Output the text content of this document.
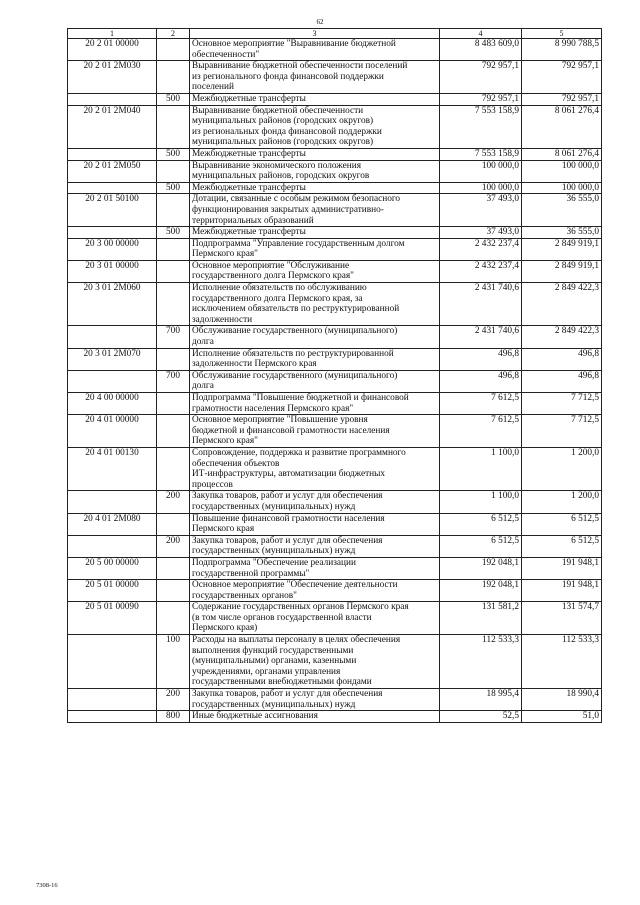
62
1	2	3	4	5
20 2 01 00000		Основное мероприятие "Выравнивание бюджетной
обеспеченности"	8 483 609,0	8 990 788,5
20 2 01 2М030		Выравнивание бюджетной обеспеченности поселений
из регионального фонда финансовой поддержки
поселений	792 957,1	792 957,1
	500	Межбюджетные трансферты	792 957,1	792 957,1
20 2 01 2М040		Выравнивание бюджетной обеспеченности
муниципальных районов (городских округов)
из региональных фонда финансовой поддержки
муниципальных районов (городских округов)	7 553 158,9	8 061 276,4
	500	Межбюджетные трансферты	7 553 158,9	8 061 276,4
20 2 01 2М050		Выравнивание экономического положения
муниципальных районов, городских округов	100 000,0	100 000,0
	500	Межбюджетные трансферты	100 000,0	100 000,0
20 2 01 50100		Дотации, связанные с особым режимом безопасного
функционирования закрытых административно-
территориальных образований	37 493,0	36 555,0
	500	Межбюджетные трансферты	37 493,0	36 555,0
20 3 00 00000		Подпрограмма "Управление государственным долгом
Пермского края"	2 432 237,4	2 849 919,1
20 3 01 00000		Основное мероприятие "Обслуживание
государственного долга Пермского края"	2 432 237,4	2 849 919,1
20 3 01 2М060		Исполнение обязательств по обслуживанию
государственного долга Пермского края, за
исключением обязательств по реструктурированной
задолженности	2 431 740,6	2 849 422,3
	700	Обслуживание государственного (муниципального)
долга	2 431 740,6	2 849 422,3
20 3 01 2М070		Исполнение обязательств по реструктурированной
задолженности Пермского края	496,8	496,8
	700	Обслуживание государственного (муниципального)
долга	496,8	496,8
20 4 00 00000		Подпрограмма "Повышение бюджетной и финансовой
грамотности населения Пермского края"	7 612,5	7 712,5
20 4 01 00000		Основное мероприятие "Повышение уровня
бюджетной и финансовой грамотности населения
Пермского края"	7 612,5	7 712,5
20 4 01 00130		Сопровождение, поддержка и развитие программного
обеспечения объектов
ИТ-инфраструктуры, автоматизации бюджетных
процессов	1 100,0	1 200,0
	200	Закупка товаров, работ и услуг для обеспечения
государственных (муниципальных) нужд	1 100,0	1 200,0
20 4 01 2М080		Повышение финансовой грамотности населения
Пермского края	6 512,5	6 512,5
	200	Закупка товаров, работ и услуг для обеспечения
государственных (муниципальных) нужд	6 512,5	6 512,5
20 5 00 00000		Подпрограмма "Обеспечение реализации
государственной программы"	192 048,1	191 948,1
20 5 01 00000		Основное мероприятие "Обеспечение деятельности
государственных органов"	192 048,1	191 948,1
20 5 01 00090		Содержание государственных органов Пермского края
(в том числе органов государственной власти
Пермского края)	131 581,2	131 574,7
	100	Расходы на выплаты персоналу в целях обеспечения
выполнения функций государственными
(муниципальными) органами, казенными
учреждениями, органами управления
государственными внебюджетными фондами	112 533,3	112 533,3
	200	Закупка товаров, работ и услуг для обеспечения
государственных (муниципальных) нужд	18 995,4	18 990,4
	800	Иные бюджетные ассигнования	52,5	51,0
7308-16
